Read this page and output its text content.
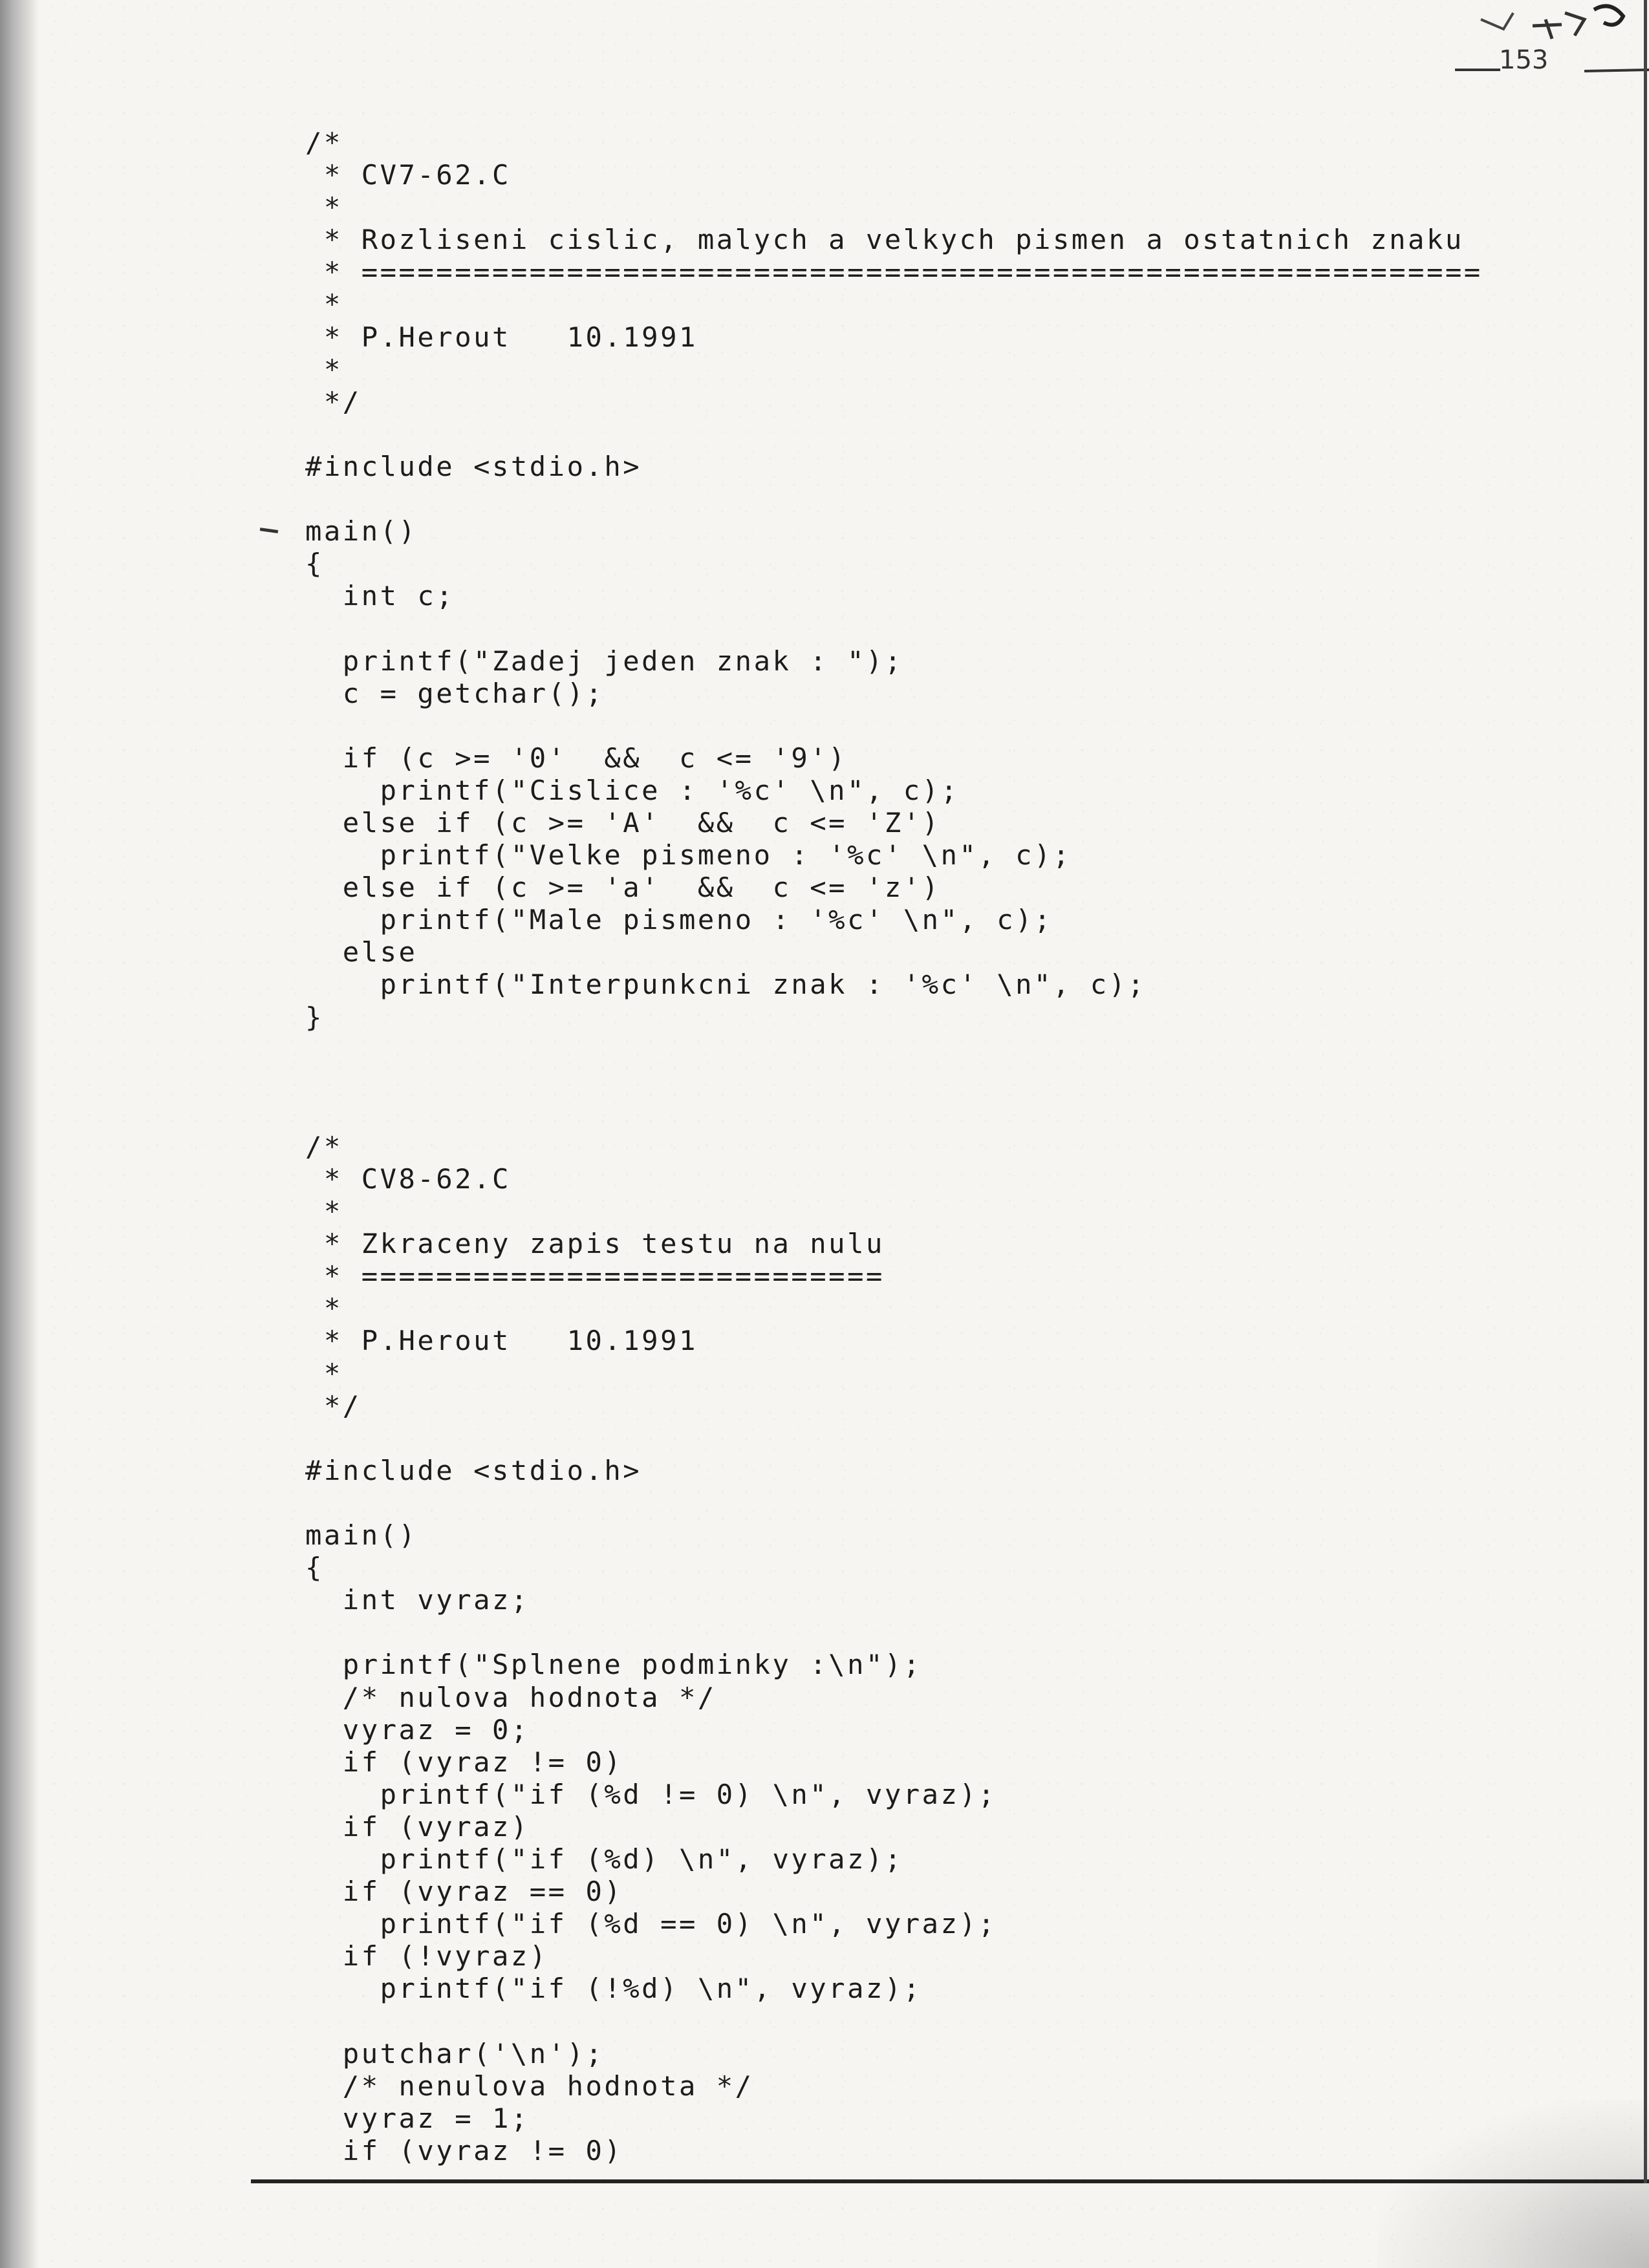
153
/*
* CV7-62.C
*
* Rozliseni cislic, malych a velkych pismen a ostatnich znaku
* ============================================================
*
* P.Herout   10.1991
*
*/
#include <stdio.h>
main()
{
int c;
printf("Zadej jeden znak : ");
c = getchar();
if (c >= '0'  &&  c <= '9')
printf("Cislice : '%c' \n", c);
else if (c >= 'A'  &&  c <= 'Z')
printf("Velke pismeno : '%c' \n", c);
else if (c >= 'a'  &&  c <= 'z')
printf("Male pismeno : '%c' \n", c);
else
printf("Interpunkcni znak : '%c' \n", c);
}
/*
* CV8-62.C
*
* Zkraceny zapis testu na nulu
* ============================
*
* P.Herout   10.1991
*
*/
#include <stdio.h>
main()
{
int vyraz;
printf("Splnene podminky :\n");
/* nulova hodnota */
vyraz = 0;
if (vyraz != 0)
printf("if (%d != 0) \n", vyraz);
if (vyraz)
printf("if (%d) \n", vyraz);
if (vyraz == 0)
printf("if (%d == 0) \n", vyraz);
if (!vyraz)
printf("if (!%d) \n", vyraz);
putchar('\n');
/* nenulova hodnota */
vyraz = 1;
if (vyraz != 0)
